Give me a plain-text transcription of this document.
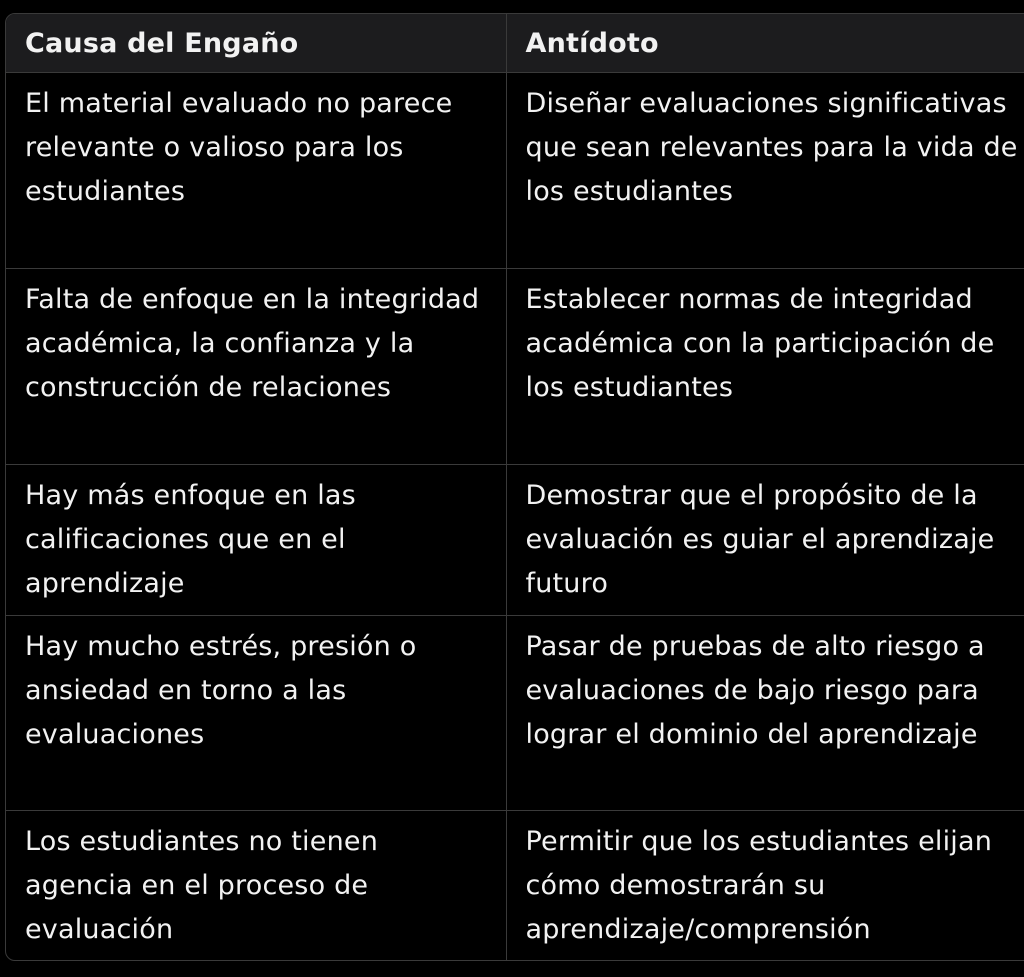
Causa del Engaño	Antídoto
El material evaluado no parece relevante o valioso para los estudiantes	Diseñar evaluaciones significativas que sean relevantes para la vida de los estudiantes
Falta de enfoque en la integridad académica, la confianza y la construcción de relaciones	Establecer normas de integridad académica con la participación de los estudiantes
Hay más enfoque en las calificaciones que en el aprendizaje	Demostrar que el propósito de la evaluación es guiar el aprendizaje futuro
Hay mucho estrés, presión o ansiedad en torno a las evaluaciones	Pasar de pruebas de alto riesgo a evaluaciones de bajo riesgo para lograr el dominio del aprendizaje
Los estudiantes no tienen agencia en el proceso de evaluación	Permitir que los estudiantes elijan cómo demostrarán su aprendizaje/comprensión
